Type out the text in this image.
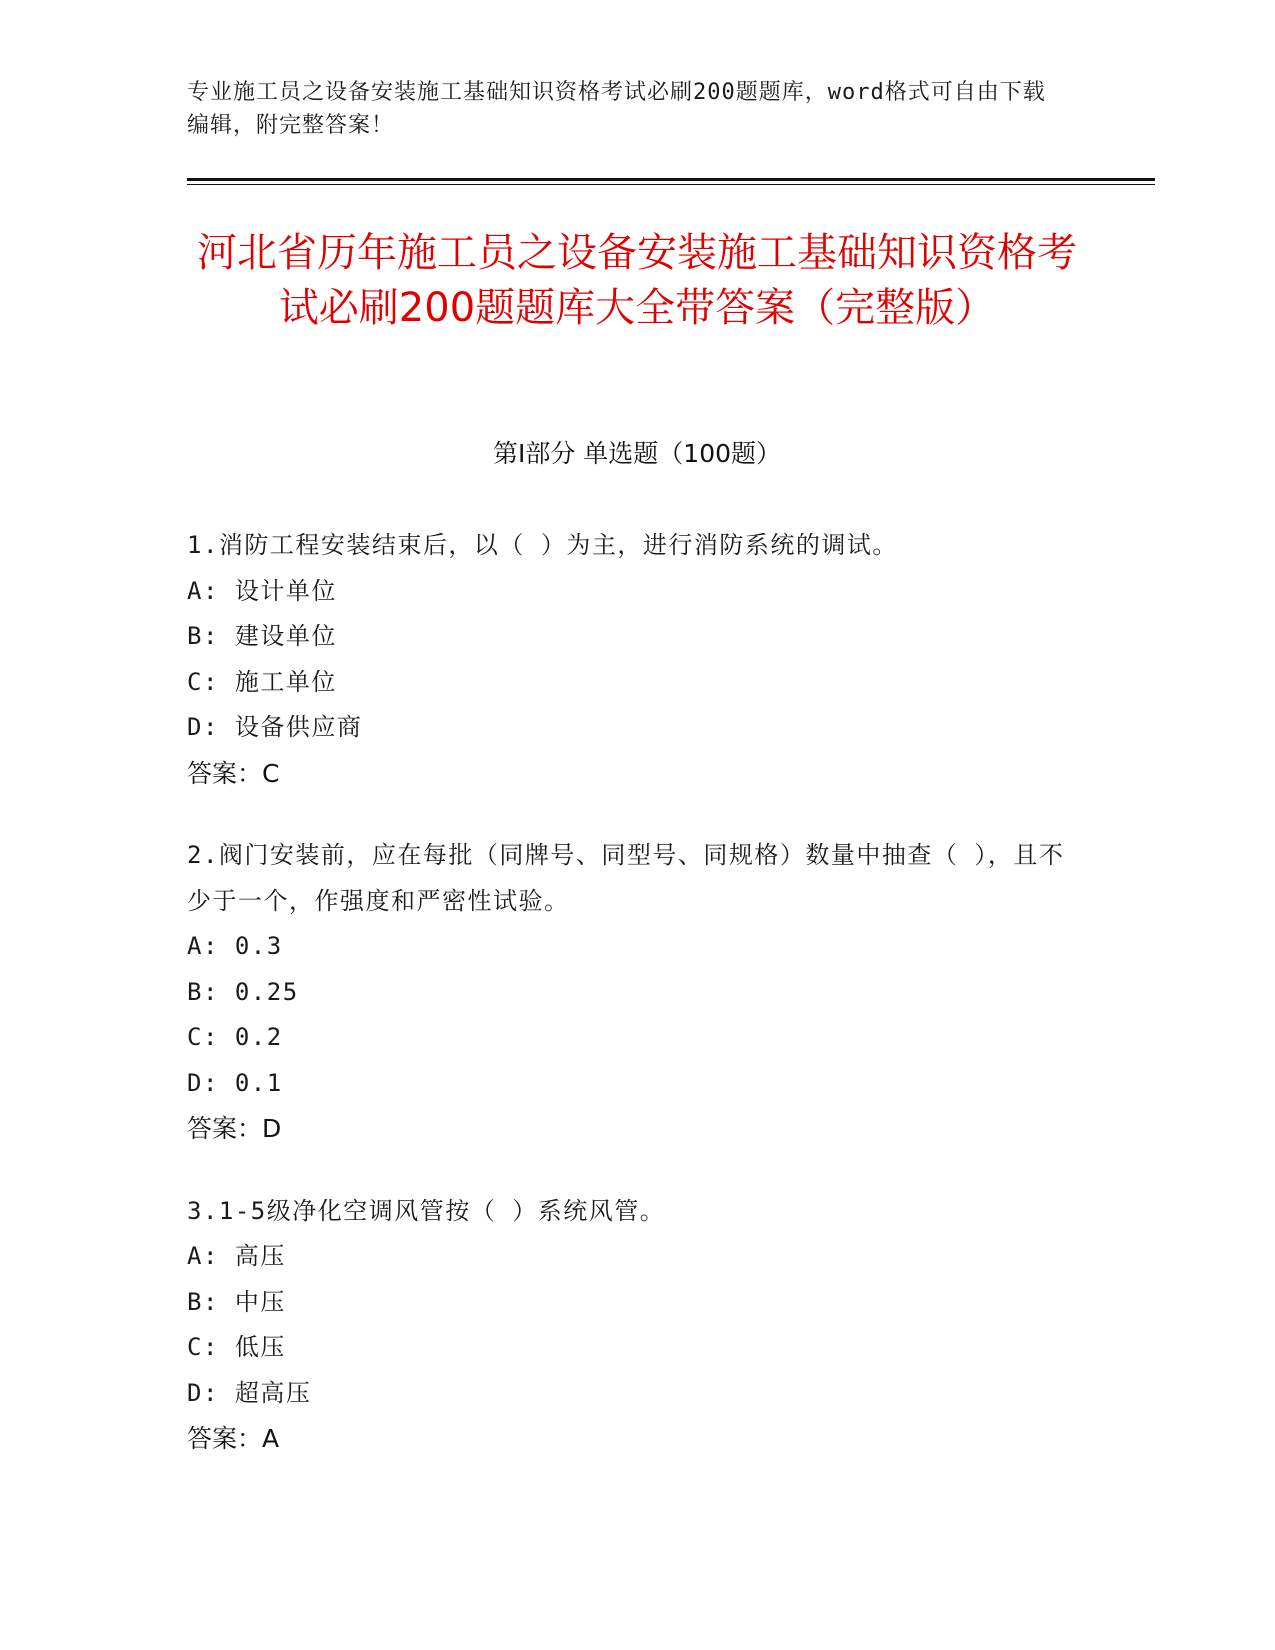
专业施工员之设备安装施工基础知识资格考试必刷200题题库，word格式可自由下载编辑，附完整答案！
河北省历年施工员之设备安装施工基础知识资格考试必刷200题题库大全带答案（完整版）
第Ⅰ部分 单选题（100题）
1.消防工程安装结束后，以（ ）为主，进行消防系统的调试。
A: 设计单位
B: 建设单位
C: 施工单位
D: 设备供应商
答案：C
2.阀门安装前，应在每批（同牌号、同型号、同规格）数量中抽查（ ），且不少于一个，作强度和严密性试验。
A: 0.3
B: 0.25
C: 0.2
D: 0.1
答案：D
3.1-5级净化空调风管按（ ）系统风管。
A: 高压
B: 中压
C: 低压
D: 超高压
答案：A
